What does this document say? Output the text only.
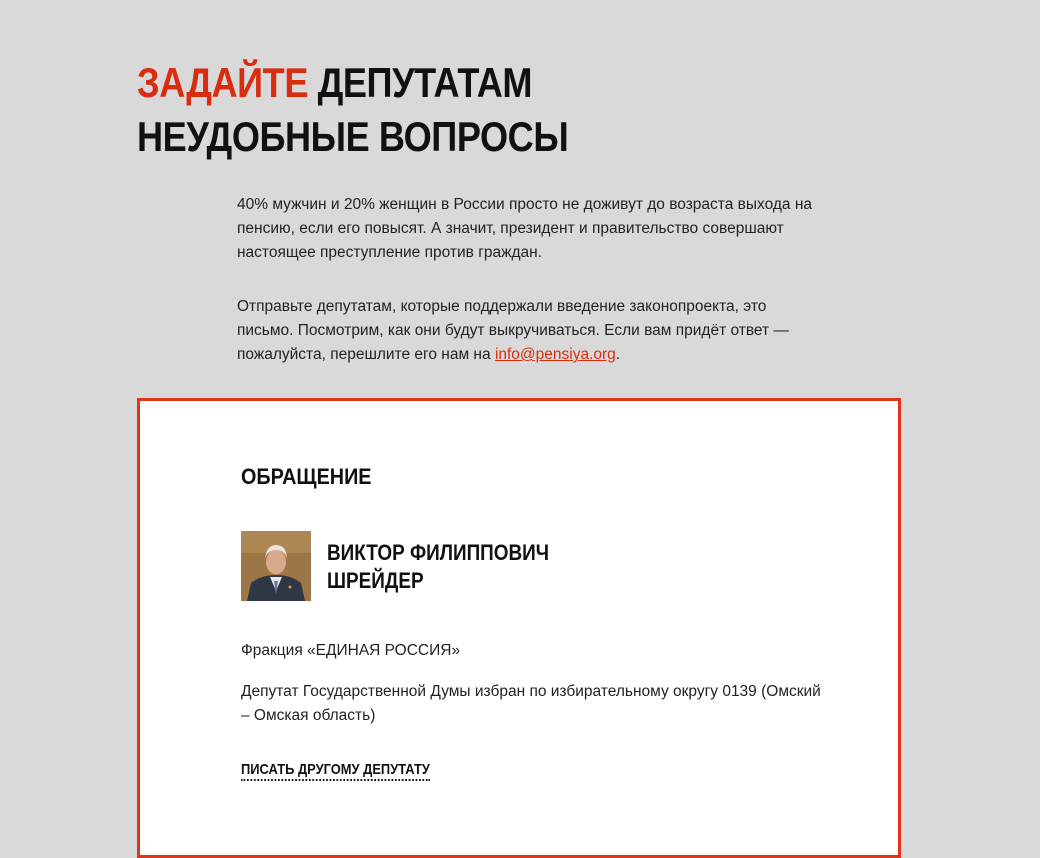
ЗАДАЙТЕ ДЕПУТАТАМ
НЕУДОБНЫЕ ВОПРОСЫ

40% мужчин и 20% женщин в России просто не доживут до возраста выхода на пенсию, если его повысят. А значит, президент и правительство совершают настоящее преступление против граждан.

Отправьте депутатам, которые поддержали введение законопроекта, это письмо. Посмотрим, как они будут выкручиваться. Если вам придёт ответ — пожалуйста, перешлите его нам на info@pensiya.org.

ОБРАЩЕНИЕ
ВИКТОР ФИЛИППОВИЧ
ШРЕЙДЕР
Фракция «ЕДИНАЯ РОССИЯ»
Депутат Государственной Думы избран по избирательному округу 0139 (Омский – Омская область)
ПИСАТЬ ДРУГОМУ ДЕПУТАТУ
